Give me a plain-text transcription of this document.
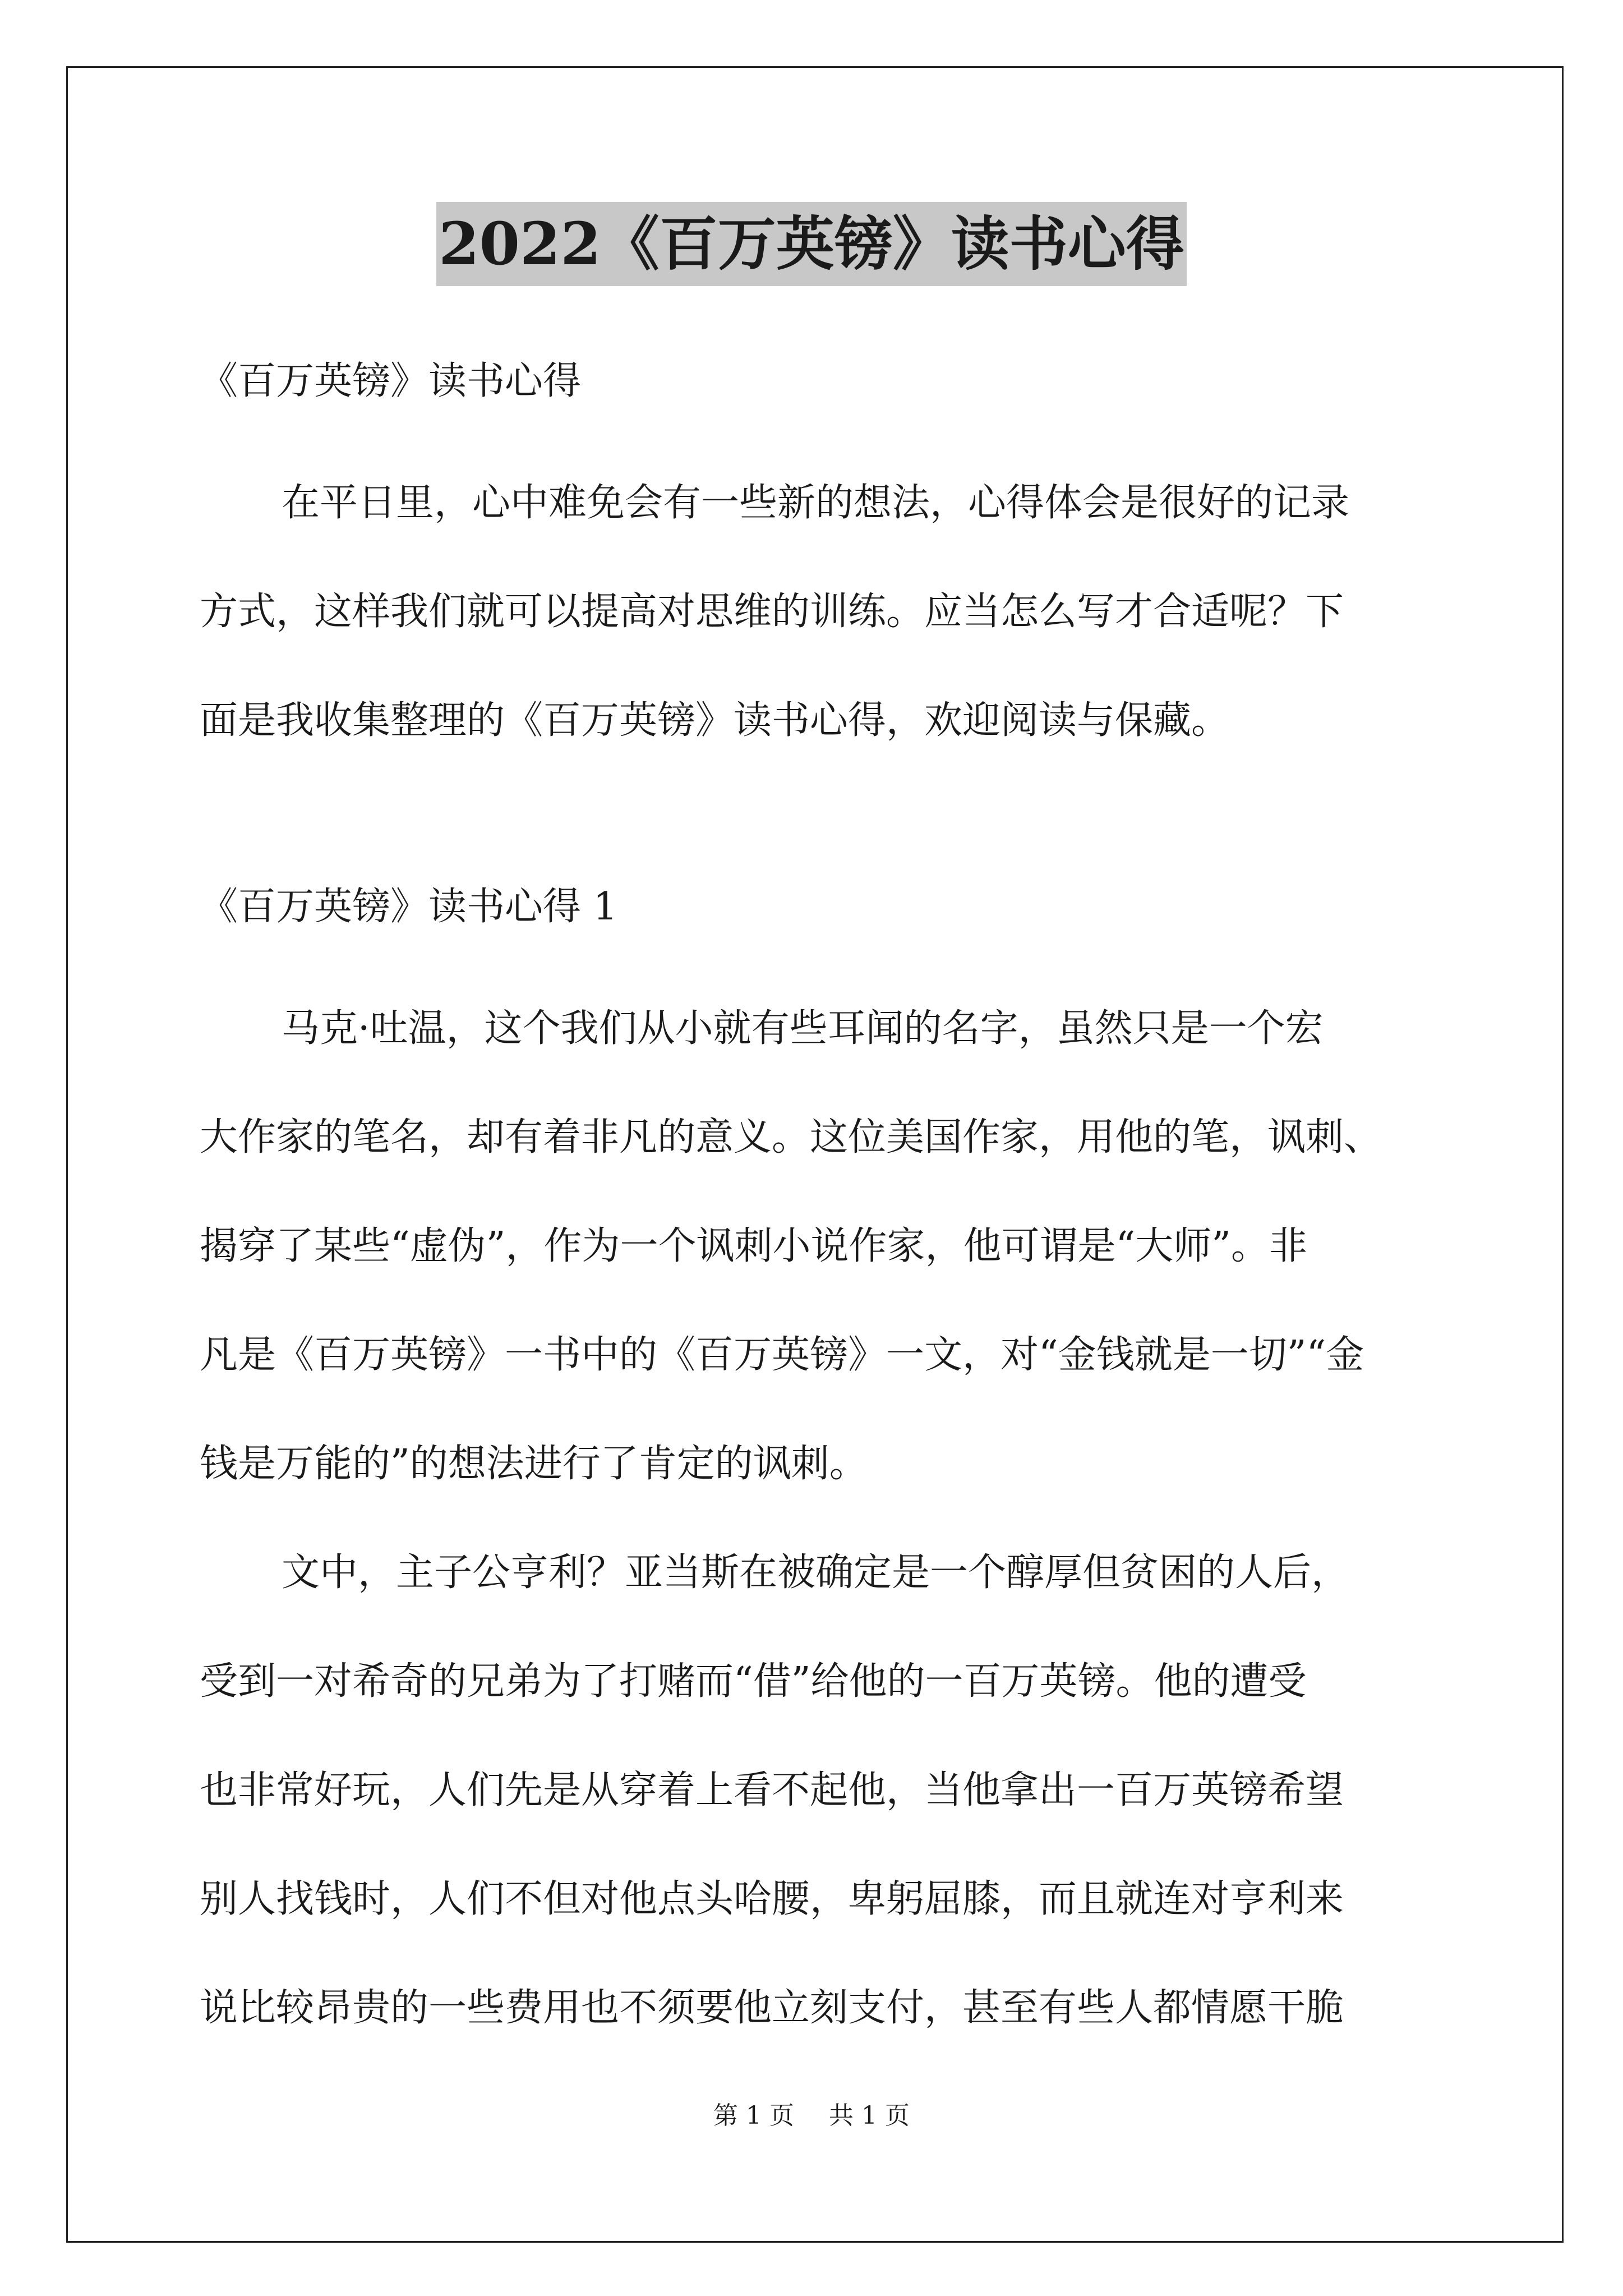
2022《百万英镑》读书心得
《百万英镑》读书心得

在平日里，心中难免会有一些新的想法，心得体会是很好的记录
方式，这样我们就可以提高对思维的训练。应当怎么写才合适呢？下
面是我收集整理的《百万英镑》读书心得，欢迎阅读与保藏。

《百万英镑》读书心得 1

马克·吐温，这个我们从小就有些耳闻的名字，虽然只是一个宏
大作家的笔名，却有着非凡的意义。这位美国作家，用他的笔，讽刺、
揭穿了某些“虚伪”，作为一个讽刺小说作家，他可谓是“大师”。非
凡是《百万英镑》一书中的《百万英镑》一文，对“金钱就是一切”“金
钱是万能的”的想法进行了肯定的讽刺。

文中，主子公亨利？亚当斯在被确定是一个醇厚但贫困的人后，
受到一对希奇的兄弟为了打赌而“借”给他的一百万英镑。他的遭受
也非常好玩，人们先是从穿着上看不起他，当他拿出一百万英镑希望
别人找钱时，人们不但对他点头哈腰，卑躬屈膝，而且就连对亨利来
说比较昂贵的一些费用也不须要他立刻支付，甚至有些人都情愿干脆

第 1 页 共 1 页
